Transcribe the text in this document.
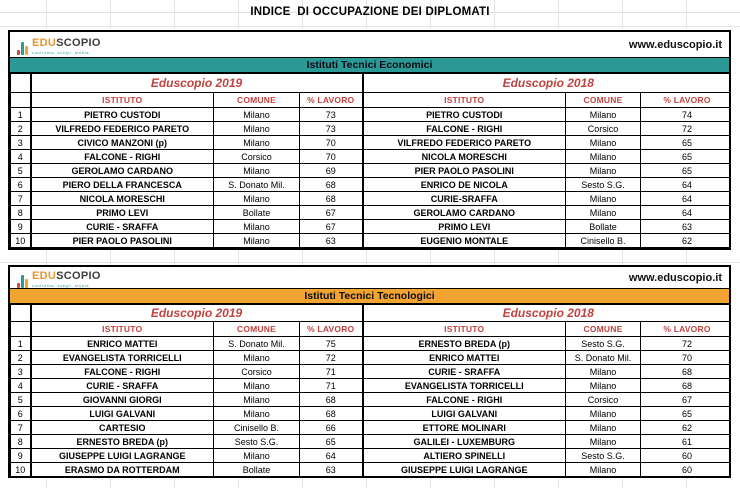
INDICE  DI OCCUPAZIONE DEI DIPLOMATI
EDUSCOPIO
confronta, scegli, studia
www.eduscopio.it
Istituti Tecnici Economici
	Eduscopio 2019			Eduscopio 2018		
	ISTITUTO	COMUNE	% LAVORO	ISTITUTO	COMUNE	% LAVORO
1	PIETRO CUSTODI	Milano	73	PIETRO CUSTODI	Milano	74
2	VILFREDO FEDERICO PARETO	Milano	73	FALCONE - RIGHI	Corsico	72
3	CIVICO MANZONI (p)	Milano	70	VILFREDO FEDERICO PARETO	Milano	65
4	FALCONE - RIGHI	Corsico	70	NICOLA MORESCHI	Milano	65
5	GEROLAMO CARDANO	Milano	69	PIER PAOLO PASOLINI	Milano	65
6	PIERO DELLA FRANCESCA	S. Donato Mil.	68	ENRICO DE NICOLA	Sesto S.G.	64
7	NICOLA MORESCHI	Milano	68	CURIE-SRAFFA	Milano	64
8	PRIMO LEVI	Bollate	67	GEROLAMO CARDANO	Milano	64
9	CURIE - SRAFFA	Milano	67	PRIMO LEVI	Bollate	63
10	PIER PAOLO PASOLINI	Milano	63	EUGENIO MONTALE	Cinisello B.	62
EDUSCOPIO
confronta, scegli, studia
www.eduscopio.it
Istituti Tecnici Tecnologici
	Eduscopio 2019			Eduscopio 2018		
	ISTITUTO	COMUNE	% LAVORO	ISTITUTO	COMUNE	% LAVORO
1	ENRICO MATTEI	S. Donato Mil.	75	ERNESTO BREDA (p)	Sesto S.G.	72
2	EVANGELISTA TORRICELLI	Milano	72	ENRICO MATTEI	S. Donato Mil.	70
3	FALCONE - RIGHI	Corsico	71	CURIE - SRAFFA	Milano	68
4	CURIE - SRAFFA	Milano	71	EVANGELISTA TORRICELLI	Milano	68
5	GIOVANNI GIORGI	Milano	68	FALCONE - RIGHI	Corsico	67
6	LUIGI GALVANI	Milano	68	LUIGI GALVANI	Milano	65
7	CARTESIO	Cinisello B.	66	ETTORE MOLINARI	Milano	62
8	ERNESTO BREDA (p)	Sesto S.G.	65	GALILEI - LUXEMBURG	Milano	61
9	GIUSEPPE LUIGI LAGRANGE	Milano	64	ALTIERO SPINELLI	Sesto S.G.	60
10	ERASMO DA ROTTERDAM	Bollate	63	GIUSEPPE LUIGI LAGRANGE	Milano	60
